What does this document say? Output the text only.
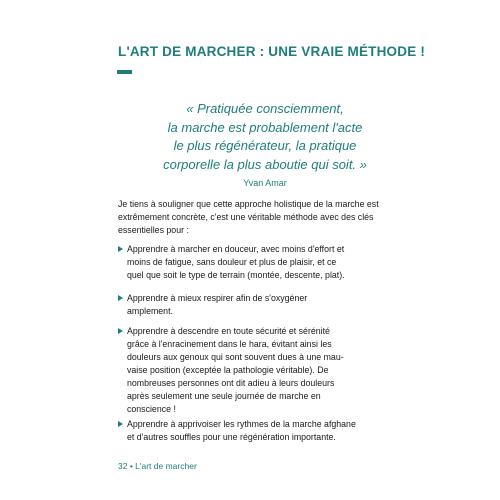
L'ART DE MARCHER : UNE VRAIE MÉTHODE !

« Pratiquée consciemment,
la marche est probablement l'acte
le plus régénérateur, la pratique
corporelle la plus aboutie qui soit. »

Yvan Amar

Je tiens à souligner que cette approche holistique de la marche est
extrêmement concrète, c'est une véritable méthode avec des clés
essentielles pour :

Apprendre à marcher en douceur, avec moins d'effort et
moins de fatigue, sans douleur et plus de plaisir, et ce
quel que soit le type de terrain (montée, descente, plat).
Apprendre à mieux respirer afin de s'oxygéner
amplement.
Apprendre à descendre en toute sécurité et sérénité
grâce à l'enracinement dans le hara, évitant ainsi les
douleurs aux genoux qui sont souvent dues à une mau-
vaise position (exceptée la pathologie véritable). De
nombreuses personnes ont dit adieu à leurs douleurs
après seulement une seule journée de marche en
conscience !
Apprendre à apprivoiser les rythmes de la marche afghane
et d'autres souffles pour une régénération importante.

32 • L'art de marcher
